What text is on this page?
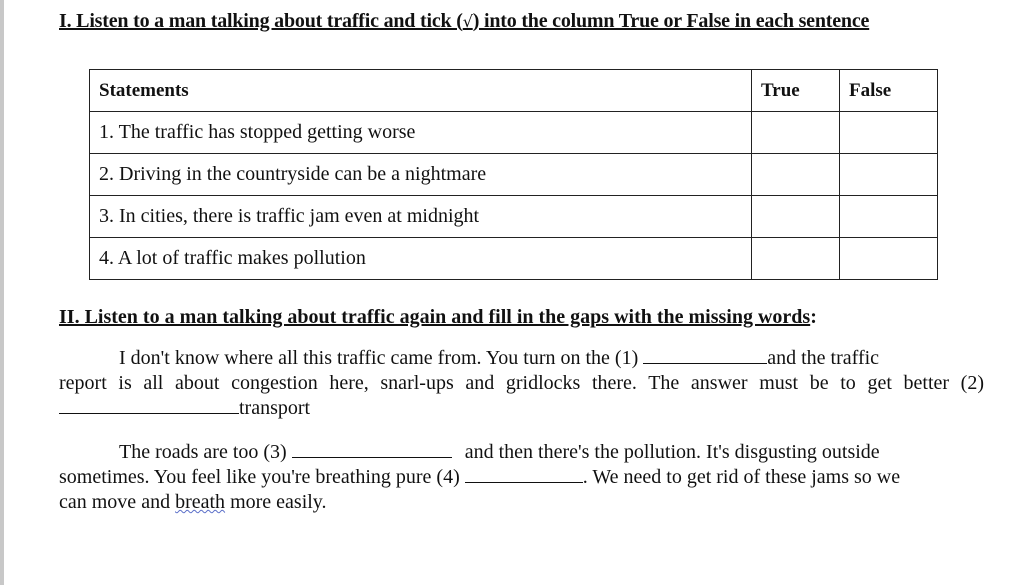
I. Listen to a man talking about traffic and tick (√) into the column True or False in each sentence
Statements	True	False
1. The traffic has stopped getting worse		
2. Driving in the countryside can be a nightmare		
3. In cities, there is traffic jam even at midnight		
4. A lot of traffic makes pollution		
II. Listen to a man talking about traffic again and fill in the gaps with the missing words:
I don't know where all this traffic came from. You turn on the (1)	and the traffic
report is all about congestion here, snarl-ups and gridlocks there. The answer must be to get better (2)
transport
The roads are too (3)	and then there's the pollution. It's disgusting outside
sometimes. You feel like you're breathing pure (4)	. We need to get rid of these jams so we
can move and breath more easily.
